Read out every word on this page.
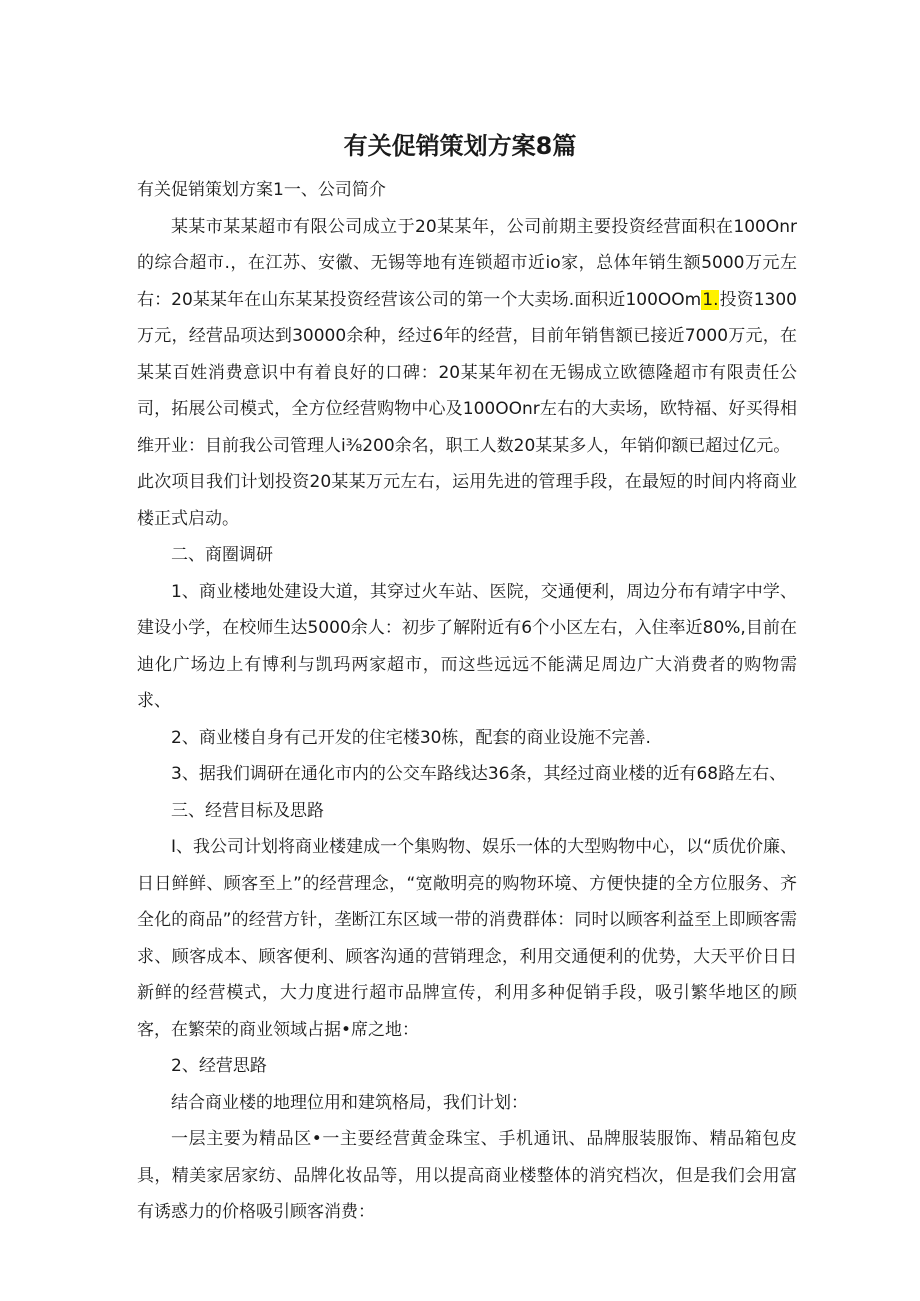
有关促销策划方案8篇

有关促销策划方案1一、公司简介

某某市某某超市有限公司成立于20某某年，公司前期主要投资经营面积在100Onr的综合超市.，在江苏、安徽、无锡等地有连锁超市近io家，总体年销生额5000万元左右：20某某年在山东某某投资经营该公司的第一个大卖场.面积近100OOm1.投资1300万元，经营品项达到30000余种，经过6年的经营，目前年销售额已接近7000万元，在某某百姓消费意识中有着良好的口碑：20某某年初在无锡成立欧德隆超市有限责任公司，拓展公司模式，全方位经营购物中心及100OOnr左右的大卖场，欧特福、好买得相维开业：目前我公司管理人i⅜200余名，职工人数20某某多人，年销仰额已超过亿元。

此次项目我们计划投资20某某万元左右，运用先进的管理手段，在最短的时间内将商业楼正式启动。

二、商圈调研

1、商业楼地处建设大道，其穿过火车站、医院，交通便利，周边分布有靖字中学、建设小学，在校师生达5000余人：初步了解附近有6个小区左右，入住率近80%,目前在迪化广场边上有博利与凯玛两家超市，而这些远远不能满足周边广大消费者的购物需求、

2、商业楼自身有己开发的住宅楼30栋，配套的商业设施不完善.

3、据我们调研在通化市内的公交车路线达36条，其经过商业楼的近有68路左右、

三、经营目标及思路

I、我公司计划将商业楼建成一个集购物、娱乐一体的大型购物中心，以“质优价廉、日日鲜鲜、顾客至上”的经营理念，“宽敞明亮的购物环境、方便快捷的全方位服务、齐全化的商品”的经营方针，垄断江东区域一带的消费群体：同时以顾客利益至上即顾客需求、顾客成本、顾客便利、顾客沟通的营销理念，利用交通便利的优势，大天平价日日新鲜的经营模式，大力度进行超市品牌宣传，利用多种促销手段，吸引繁华地区的顾客，在繁荣的商业领域占据•席之地：

2、经营思路

结合商业楼的地理位用和建筑格局，我们计划：

一层主要为精品区•一主要经营黄金珠宝、手机通讯、品牌服装服饰、精品箱包皮具，精美家居家纺、品牌化妆品等，用以提高商业楼整体的消究档次，但是我们会用富有诱惑力的价格吸引顾客消费：
